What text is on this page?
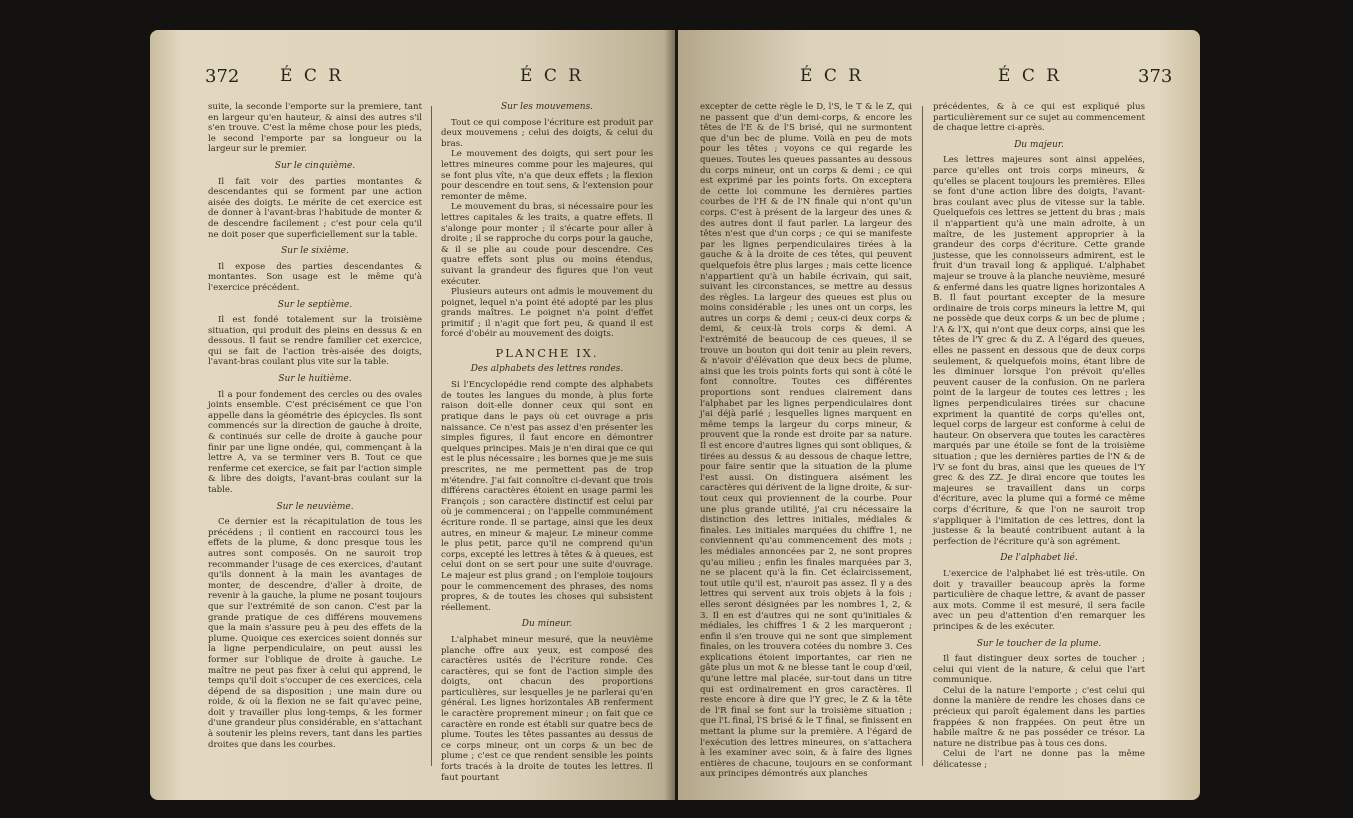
372 É C R	É C R

suite, la seconde l'emporte sur la premiere, tant en largeur qu'en hauteur, & ainsi des autres s'il s'en trouve. C'est la même chose pour les pieds, le second l'emporte par sa longueur ou la largeur sur le premier.

Sur le cinquième.

Il fait voir des parties montantes & descendantes qui se forment par une action aisée des doigts. Le mérite de cet exercice est de donner à l'avant-bras l'habitude de monter & de descendre facilement ; c'est pour cela qu'il ne doit poser que superficiellement sur la table.

Sur le sixième.

Il expose des parties descendantes & montantes. Son usage est le même qu'à l'exercice précédent.

Sur le septième.

Il est fondé totalement sur la troisième situation, qui produit des pleins en dessus & en dessous. Il faut se rendre familier cet exercice, qui se fait de l'action très-aisée des doigts, l'avant-bras coulant plus vite sur la table.

Sur le huitième.

Il a pour fondement des cercles ou des ovales joints ensemble. C'est précisément ce que l'on appelle dans la géométrie des épicycles. Ils sont commencés sur la direction de gauche à droite, & continués sur celle de droite à gauche pour finir par une ligne ondée, qui, commençant à la lettre A, va se terminer vers B. Tout ce que renferme cet exercice, se fait par l'action simple & libre des doigts, l'avant-bras coulant sur la table.

Sur le neuvième.

Ce dernier est la récapitulation de tous les précédens ; il contient en raccourci tous les effets de la plume, & donc presque tous les autres sont composés. On ne sauroit trop recommander l'usage de ces exercices, d'autant qu'ils donnent à la main les avantages de monter, de descendre, d'aller à droite, de revenir à la gauche, la plume ne posant toujours que sur l'extrémité de son canon. C'est par la grande pratique de ces différens mouvemens que la main s'assure peu à peu des effets de la plume. Quoique ces exercices soient donnés sur la ligne perpendiculaire, on peut aussi les former sur l'oblique de droite à gauche. Le maître ne peut pas fixer à celui qui apprend, le temps qu'il doit s'occuper de ces exercices, cela dépend de sa disposition ; une main dure ou roide, & où la flexion ne se fait qu'avec peine, doit y travailler plus long-temps, & les former d'une grandeur plus considérable, en s'attachant à soutenir les pleins revers, tant dans les parties droites que dans les courbes.

Sur les mouvemens.

Tout ce qui compose l'écriture est produit par deux mouvemens ; celui des doigts, & celui du bras.

Le mouvement des doigts, qui sert pour les lettres mineures comme pour les majeures, qui se font plus vîte, n'a que deux effets ; la flexion pour descendre en tout sens, & l'extension pour remonter de même.

Le mouvement du bras, si nécessaire pour les lettres capitales & les traits, a quatre effets. Il s'alonge pour monter ; il s'écarte pour aller à droite ; il se rapproche du corps pour la gauche, & il se plie au coude pour descendre. Ces quatre effets sont plus ou moins étendus, suivant la grandeur des figures que l'on veut exécuter.

Plusieurs auteurs ont admis le mouvement du poignet, lequel n'a point été adopté par les plus grands maîtres. Le poignet n'a point d'effet primitif ; il n'agit que fort peu, & quand il est forcé d'obéir au mouvement des doigts.

PLANCHE IX.
Des alphabets des lettres rondes.

Si l'Encyclopédie rend compte des alphabets de toutes les langues du monde, à plus forte raison doit-elle donner ceux qui sont en pratique dans le pays où cet ouvrage a pris naissance. Ce n'est pas assez d'en présenter les simples figures, il faut encore en démontrer quelques principes. Mais je n'en dirai que ce qui est le plus nécessaire ; les bornes que je me suis prescrites, ne me permettent pas de trop m'étendre. J'ai fait connoître ci-devant que trois différens caractères étoient en usage parmi les François ; son caractère distinctif est celui par où je commencerai ; on l'appelle communément écriture ronde. Il se partage, ainsi que les deux autres, en mineur & majeur. Le mineur comme le plus petit, parce qu'il ne comprend qu'un corps, excepté les lettres à têtes & à queues, est celui dont on se sert pour une suite d'ouvrage. Le majeur est plus grand ; on l'emploie toujours pour le commencement des phrases, des noms propres, & de toutes les choses qui subsistent réellement.

Du mineur.

L'alphabet mineur mesuré, que la neuvième planche offre aux yeux, est composé des caractères usités de l'écriture ronde. Ces caractères, qui se font de l'action simple des doigts, ont chacun des proportions particulières, sur lesquelles je ne parlerai qu'en général. Les lignes horizontales AB renferment le caractère proprement mineur ; on fait que ce caractère en ronde est établi sur quatre becs de plume. Toutes les têtes passantes au dessus de ce corps mineur, ont un corps & un bec de plume ; c'est ce que rendent sensible les points forts tracés à la droite de toutes les lettres. Il faut pourtant

É C R	É C R	373

excepter de cette règle le D, l'S, le T & le Z, qui ne passent que d'un demi-corps, & encore les têtes de l'E & de l'S brisé, qui ne surmontent que d'un bec de plume. Voilà en peu de mots pour les têtes ; voyons ce qui regarde les queues. Toutes les queues passantes au dessous du corps mineur, ont un corps & demi ; ce qui est exprimé par les points forts. On exceptera de cette loi commune les dernières parties courbes de l'H & de l'N finale qui n'ont qu'un corps. C'est à présent de la largeur des unes & des autres dont il faut parler. La largeur des têtes n'est que d'un corps ; ce qui se manifeste par les lignes perpendiculaires tirées à la gauche & à la droite de ces têtes, qui peuvent quelquefois être plus larges ; mais cette licence n'appartient qu'à un habile écrivain, qui sait, suivant les circonstances, se mettre au dessus des règles. La largeur des queues est plus ou moins considérable ; les unes ont un corps, les autres un corps & demi ; ceux-ci deux corps & demi, & ceux-là trois corps & demi. A l'extrémité de beaucoup de ces queues, il se trouve un bouton qui doit tenir au plein revers, & n'avoir d'élévation que deux becs de plume, ainsi que les trois points forts qui sont à côté le font connoître. Toutes ces différentes proportions sont rendues clairement dans l'alphabet par les lignes perpendiculaires dont j'ai déjà parlé ; lesquelles lignes marquent en même temps la largeur du corps mineur, & prouvent que la ronde est droite par sa nature. Il est encore d'autres lignes qui sont obliques, & tirées au dessus & au dessous de chaque lettre, pour faire sentir que la situation de la plume l'est aussi. On distinguera aisément les caractères qui dérivent de la ligne droite, & sur-tout ceux qui proviennent de la courbe. Pour une plus grande utilité, j'ai cru nécessaire la distinction des lettres initiales, médiales & finales. Les initiales marquées du chiffre 1, ne conviennent qu'au commencement des mots ; les médiales annoncées par 2, ne sont propres qu'au milieu ; enfin les finales marquées par 3, ne se placent qu'à la fin. Cet éclaircissement, tout utile qu'il est, n'auroit pas assez. Il y a des lettres qui servent aux trois objets à la fois ; elles seront désignées par les nombres 1, 2, & 3. Il en est d'autres qui ne sont qu'initiales & médiales, les chiffres 1 & 2 les marqueront ; enfin il s'en trouve qui ne sont que simplement finales, on les trouvera cotées du nombre 3. Ces explications étoient importantes, car rien ne gâte plus un mot & ne blesse tant le coup d'œil, qu'une lettre mal placée, sur-tout dans un titre qui est ordinairement en gros caractères. Il reste encore à dire que l'Y grec, le Z & la tête de l'R final se font sur la troisième situation ; que l'L final, l'S brisé & le T final, se finissent en mettant la plume sur la première. A l'égard de l'exécution des lettres mineures, on s'attachera à les examiner avec soin, & à faire des lignes entières de chacune, toujours en se conformant aux principes démontrés aux planches

précédentes, & à ce qui est expliqué plus particulièrement sur ce sujet au commencement de chaque lettre ci-après.

Du majeur.

Les lettres majeures sont ainsi appelées, parce qu'elles ont trois corps mineurs, & qu'elles se placent toujours les premières. Elles se font d'une action libre des doigts, l'avant-bras coulant avec plus de vitesse sur la table. Quelquefois ces lettres se jettent du bras ; mais il n'appartient qu'à une main adroite, à un maître, de les justement approprier à la grandeur des corps d'écriture. Cette grande justesse, que les connoisseurs admirent, est le fruit d'un travail long & appliqué. L'alphabet majeur se trouve à la planche neuvième, mesuré & enfermé dans les quatre lignes horizontales A B. Il faut pourtant excepter de la mesure ordinaire de trois corps mineurs la lettre M, qui ne possède que deux corps & un bec de plume ; l'A & l'X, qui n'ont que deux corps, ainsi que les têtes de l'Y grec & du Z. A l'égard des queues, elles ne passent en dessous que de deux corps seulement, & quelquefois moins, étant libre de les diminuer lorsque l'on prévoit qu'elles peuvent causer de la confusion. On ne parlera point de la largeur de toutes ces lettres ; les lignes perpendiculaires tirées sur chacune expriment la quantité de corps qu'elles ont, lequel corps de largeur est conforme à celui de hauteur. On observera que toutes les caractères marqués par une étoile se font de la troisième situation ; que les dernières parties de l'N & de l'V se font du bras, ainsi que les queues de l'Y grec & des ZZ. Je dirai encore que toutes les majeures se travaillent dans un corps d'écriture, avec la plume qui a formé ce même corps d'écriture, & que l'on ne sauroit trop s'appliquer à l'imitation de ces lettres, dont la justesse & la beauté contribuent autant à la perfection de l'écriture qu'à son agrément.

De l'alphabet lié.

L'exercice de l'alphabet lié est très-utile. On doit y travailler beaucoup après la forme particulière de chaque lettre, & avant de passer aux mots. Comme il est mesuré, il sera facile avec un peu d'attention d'en remarquer les principes & de les exécuter.

Sur le toucher de la plume.

Il faut distinguer deux sortes de toucher ; celui qui vient de la nature, & celui que l'art communique.

Celui de la nature l'emporte ; c'est celui qui donne la manière de rendre les choses dans ce précieux qui paroît également dans les parties frappées & non frappées. On peut être un habile maître & ne pas posséder ce trésor. La nature ne distribue pas à tous ces dons.

Celui de l'art ne donne pas la même délicatesse ;
